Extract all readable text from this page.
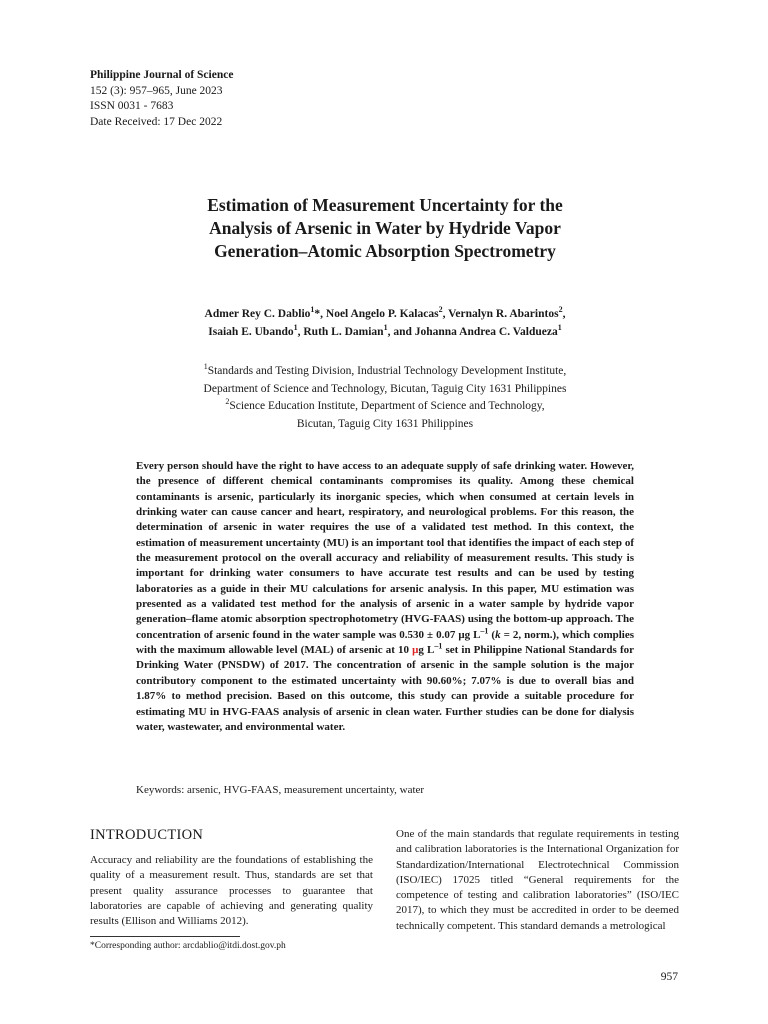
Philippine Journal of Science
152 (3): 957–965, June 2023
ISSN 0031 - 7683
Date Received: 17 Dec 2022
Estimation of Measurement Uncertainty for the
Analysis of Arsenic in Water by Hydride Vapor
Generation–Atomic Absorption Spectrometry
Admer Rey C. Dablio$^1$*, Noel Angelo P. Kalacas$^2$, Vernalyn R. Abarintos$^2$,
Isaiah E. Ubando$^1$, Ruth L. Damian$^1$, and Johanna Andrea C. Valdueza$^1$
$^1$Standards and Testing Division, Industrial Technology Development Institute,
Department of Science and Technology, Bicutan, Taguig City 1631 Philippines
$^2$Science Education Institute, Department of Science and Technology,
Bicutan, Taguig City 1631 Philippines

Every person should have the right to have access to an adequate supply of safe drinking water. However, the presence of different chemical contaminants compromises its quality. Among these chemical contaminants is arsenic, particularly its inorganic species, which when consumed at certain levels in drinking water can cause cancer and heart, respiratory, and neurological problems. For this reason, the determination of arsenic in water requires the use of a validated test method. In this context, the estimation of measurement uncertainty (MU) is an important tool that identifies the impact of each step of the measurement protocol on the overall accuracy and reliability of measurement results. This study is important for drinking water consumers to have accurate test results and can be used by testing laboratories as a guide in their MU calculations for arsenic analysis. In this paper, MU estimation was presented as a validated test method for the analysis of arsenic in a water sample by hydride vapor generation–flame atomic absorption spectrophotometry (HVG-FAAS) using the bottom-up approach. The concentration of arsenic found in the water sample was 0.530 ± 0.07 μg $L^{-1}$ (k = 2, norm.), which complies with the maximum allowable level (MAL) of arsenic at 10 μg $L^{-1}$ set in Philippine National Standards for Drinking Water (PNSDW) of 2017. The concentration of arsenic in the sample solution is the major contributory component to the estimated uncertainty with 90.60%; 7.07% is due to overall bias and 1.87% to method precision. Based on this outcome, this study can provide a suitable procedure for estimating MU in HVG-FAAS analysis of arsenic in clean water. Further studies can be done for dialysis water, wastewater, and environmental water.

Keywords: arsenic, HVG-FAAS, measurement uncertainty, water
INTRODUCTION

Accuracy and reliability are the foundations of establishing the quality of a measurement result. Thus, standards are set that present quality assurance processes to guarantee that laboratories are capable of achieving and generating quality results (Ellison and Williams 2012).

One of the main standards that regulate requirements in testing and calibration laboratories is the International Organization for Standardization/International Electrotechnical Commission (ISO/IEC) 17025 titled “General requirements for the competence of testing and calibration laboratories” (ISO/IEC 2017), to which they must be accredited in order to be deemed technically competent. This standard demands a metrological

*Corresponding author: arcdablio@itdi.dost.gov.ph
957
